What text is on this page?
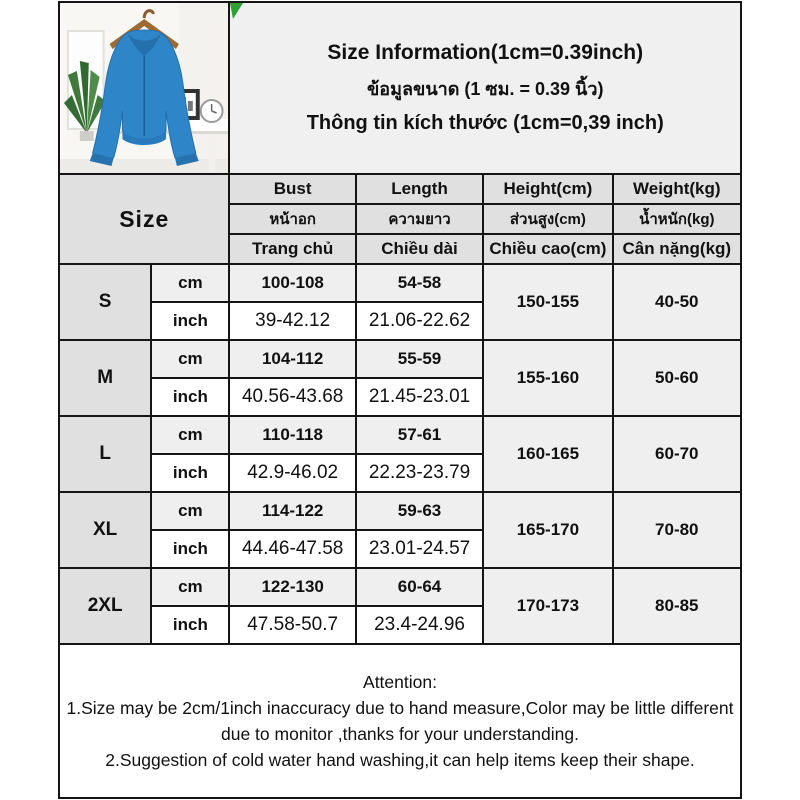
Size Information(1cm=0.39inch)
ข้อมูลขนาด (1 ซม. = 0.39 นิ้ว)
Thông tin kích thước (1cm=0,39 inch)			

Size		Bust	Length	Height(cm)	Weight(kg)
		หน้าอก	ความยาว	ส่วนสูง(cm)	น้ำหนัก(kg)
		Trang chủ	Chiều dài	Chiều cao(cm)	Cân nặng(kg)
S	cm	100-108	54-58	150-155	40-50
	inch	39-42.12	21.06-22.62		
M	cm	104-112	55-59	155-160	50-60
	inch	40.56-43.68	21.45-23.01		
L	cm	110-118	57-61	160-165	60-70
	inch	42.9-46.02	22.23-23.79		
XL	cm	114-122	59-63	165-170	70-80
	inch	44.46-47.58	23.01-24.57		
2XL	cm	122-130	60-64	170-173	80-85
	inch	47.58-50.7	23.4-24.96		

Attention:
1.Size may be 2cm/1inch inaccuracy due to hand measure,Color may be little different due to monitor ,thanks for your understanding.
2.Suggestion of cold water hand washing,it can help items keep their shape.					
